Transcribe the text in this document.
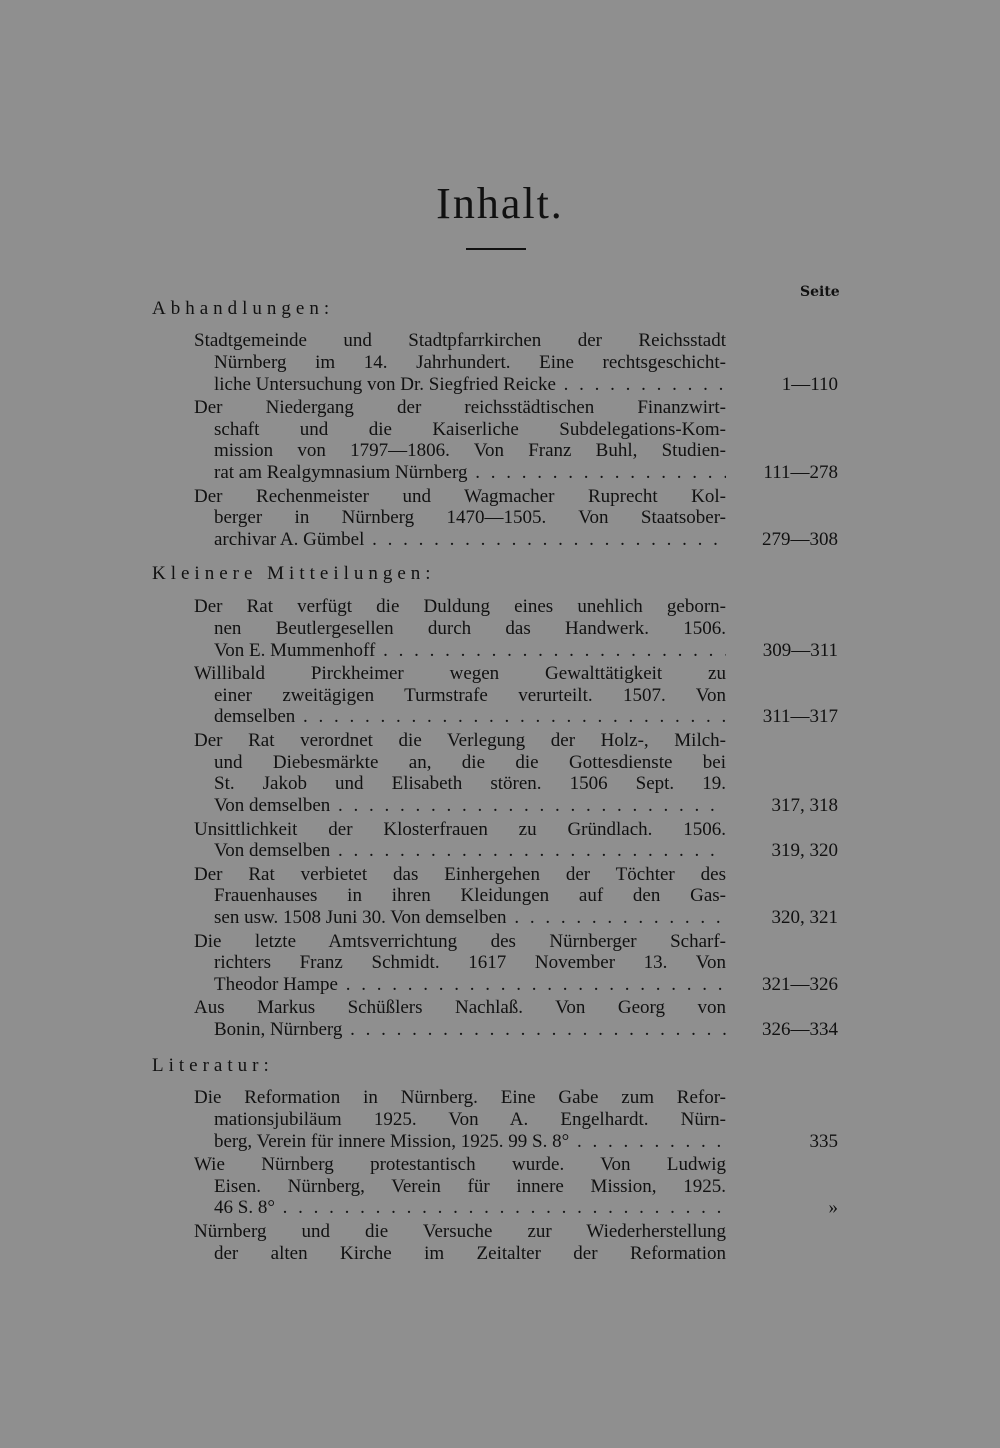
Inhalt.
Seite
Abhandlungen:
Stadtgemeinde und Stadtpfarrkirchen der Reichsstadt
Nürnberg im 14. Jahrhundert. Eine rechtsgeschicht-
liche Untersuchung von Dr. Siegfried Reicke . . .	1—110
Der Niedergang der reichsstädtischen Finanzwirt-
schaft und die Kaiserliche Subdelegations-Kom-
mission von 1797—1806. Von Franz Buhl, Studien-
rat am Realgymnasium Nürnberg . . .	111—278
Der Rechenmeister und Wagmacher Ruprecht Kol-
berger in Nürnberg 1470—1505. Von Staatsober-
archivar A. Gümbel . . .	279—308
Kleinere Mitteilungen:
Der Rat verfügt die Duldung eines unehlich geborn-
nen Beutlergesellen durch das Handwerk. 1506.
Von E. Mummenhoff . . .	309—311
Willibald Pirckheimer wegen Gewalttätigkeit zu
einer zweitägigen Turmstrafe verurteilt. 1507. Von
demselben . . .	311—317
Der Rat verordnet die Verlegung der Holz-, Milch-
und Diebesmärkte an, die die Gottesdienste bei
St. Jakob und Elisabeth stören. 1506 Sept. 19.
Von demselben . . .	317, 318
Unsittlichkeit der Klosterfrauen zu Gründlach. 1506.
Von demselben . . .	319, 320
Der Rat verbietet das Einhergehen der Töchter des
Frauenhauses in ihren Kleidungen auf den Gas-
sen usw. 1508 Juni 30. Von demselben . . .	320, 321
Die letzte Amtsverrichtung des Nürnberger Scharf-
richters Franz Schmidt. 1617 November 13. Von
Theodor Hampe . . .	321—326
Aus Markus Schüßlers Nachlaß. Von Georg von
Bonin, Nürnberg . . .	326—334
Literatur:
Die Reformation in Nürnberg. Eine Gabe zum Refor-
mationsjubiläum 1925. Von A. Engelhardt. Nürn-
berg, Verein für innere Mission, 1925. 99 S. 8° . . .	335
Wie Nürnberg protestantisch wurde. Von Ludwig
Eisen. Nürnberg, Verein für innere Mission, 1925.
46 S. 8° . . .	»
Nürnberg und die Versuche zur Wiederherstellung
der alten Kirche im Zeitalter der Reformation
